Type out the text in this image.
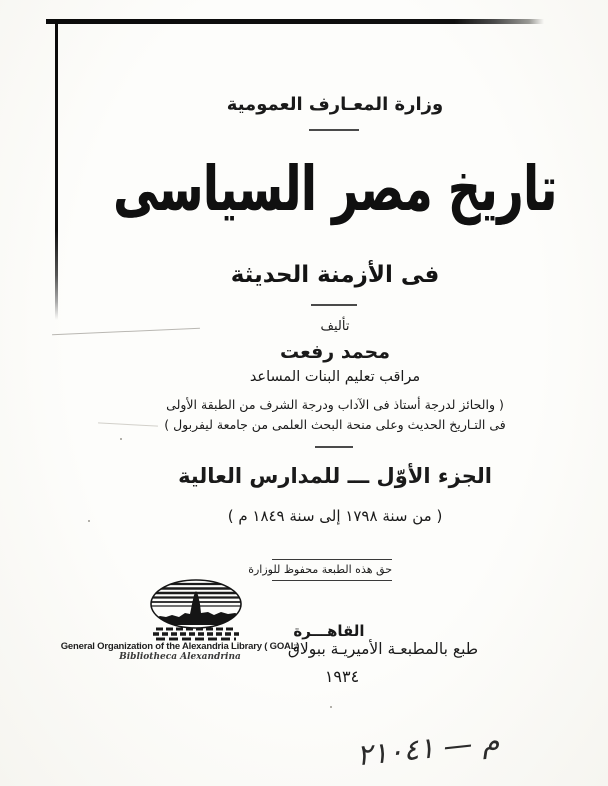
وزارة المعـارف العمومية
تاريخ مصر السياسى
فى الأزمنة الحديثة
تأليف
محمد رفعت
مراقب تعليم البنات المساعد
( والحائز لدرجة أستاذ فى الآداب ودرجة الشرف من الطبقة الأولى
فى التـاريخ الحديث وعلى منحة البحث العلمى من جامعة ليفربول )
الجزء الأوّل ـــ للمدارس العالية
( من سنة ١٧٩٨ إلى سنة ١٨٤٩ م )
حق هذه الطبعة محفوظ للوزارة
General Organization of the Alexandria Library ( GOAL)
Bibliotheca Alexandrina
القاهـــرة
طبع بالمطبعـة الأميريـة ببولاق
١٩٣٤
م — ٢١٠٤١
